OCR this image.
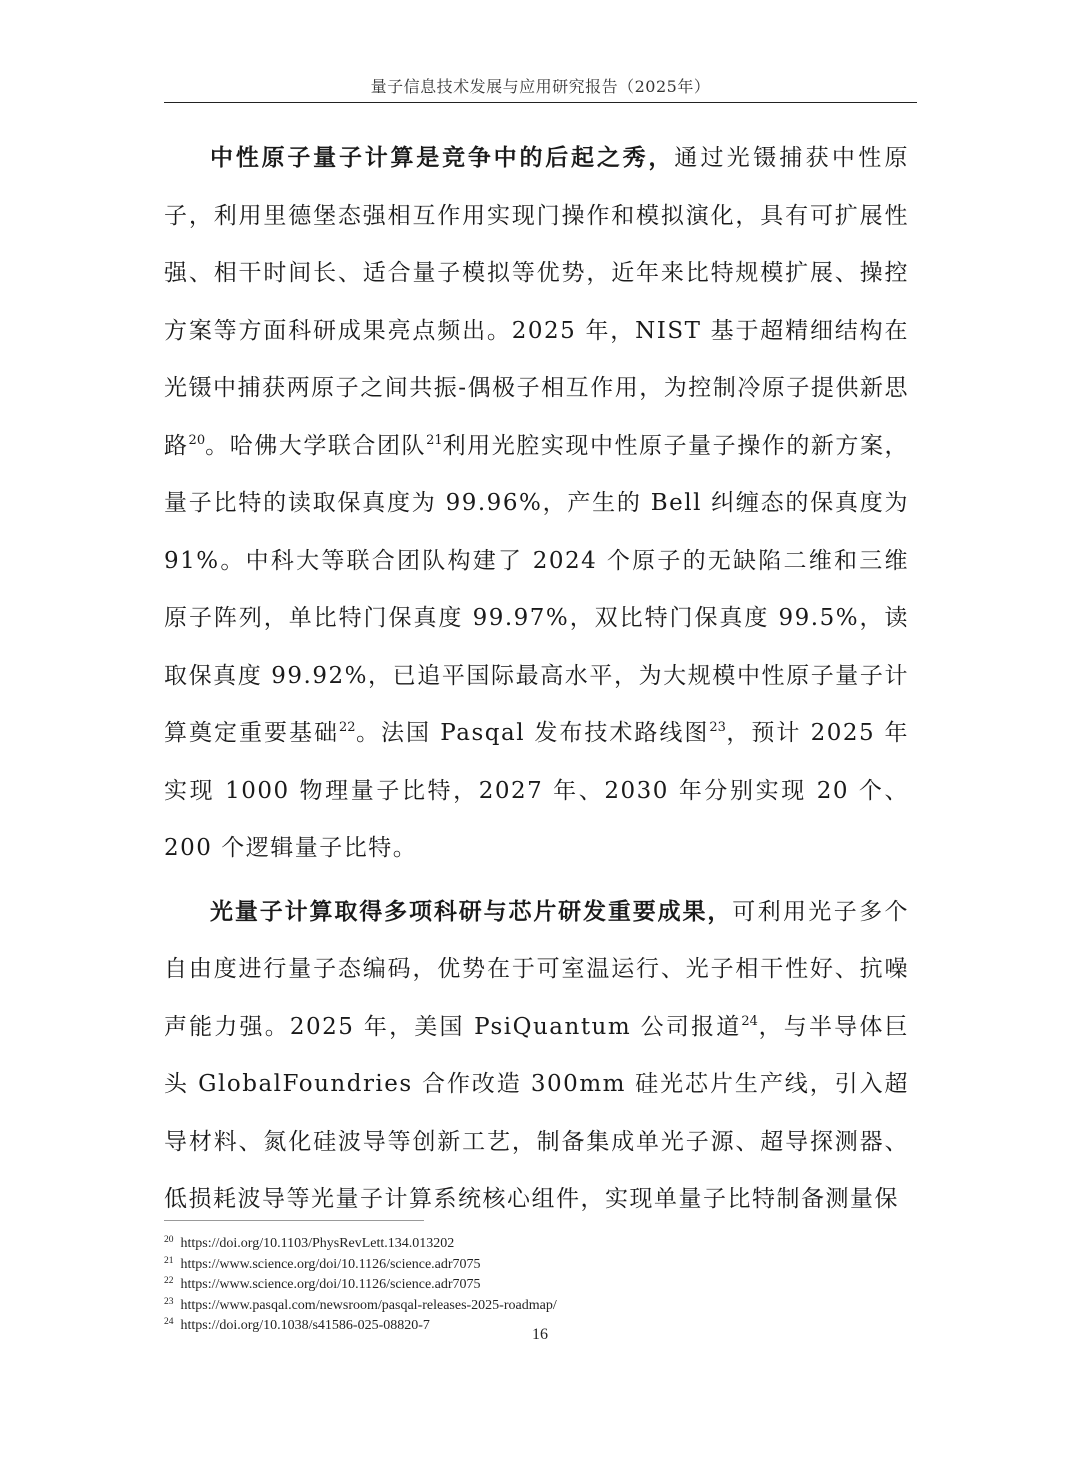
量子信息技术发展与应用研究报告（2025年）

中性原子量子计算是竞争中的后起之秀，通过光镊捕获中性原子，利用里德堡态强相互作用实现门操作和模拟演化，具有可扩展性强、相干时间长、适合量子模拟等优势，近年来比特规模扩展、操控方案等方面科研成果亮点频出。2025 年，NIST 基于超精细结构在光镊中捕获两原子之间共振-偶极子相互作用，为控制冷原子提供新思路$^{20}$。哈佛大学联合团队$^{21}$利用光腔实现中性原子量子操作的新方案，量子比特的读取保真度为 99.96%，产生的 Bell 纠缠态的保真度为 91%。中科大等联合团队构建了 2024 个原子的无缺陷二维和三维原子阵列，单比特门保真度 99.97%，双比特门保真度 99.5%，读取保真度 99.92%，已追平国际最高水平，为大规模中性原子量子计算奠定重要基础$^{22}$。法国 Pasqal 发布技术路线图$^{23}$，预计 2025 年实现 1000 物理量子比特，2027 年、2030 年分别实现 20 个、200 个逻辑量子比特。

光量子计算取得多项科研与芯片研发重要成果，可利用光子多个自由度进行量子态编码，优势在于可室温运行、光子相干性好、抗噪声能力强。2025 年，美国 PsiQuantum 公司报道$^{24}$，与半导体巨头 GlobalFoundries 合作改造 300mm 硅光芯片生产线，引入超导材料、氮化硅波导等创新工艺，制备集成单光子源、超导探测器、低损耗波导等光量子计算系统核心组件，实现单量子比特制备测量保

$^{20}$ https://doi.org/10.1103/PhysRevLett.134.013202
$^{21}$ https://www.science.org/doi/10.1126/science.adr7075
$^{22}$ https://www.science.org/doi/10.1126/science.adr7075
$^{23}$ https://www.pasqal.com/newsroom/pasqal-releases-2025-roadmap/
$^{24}$ https://doi.org/10.1038/s41586-025-08820-7
16
